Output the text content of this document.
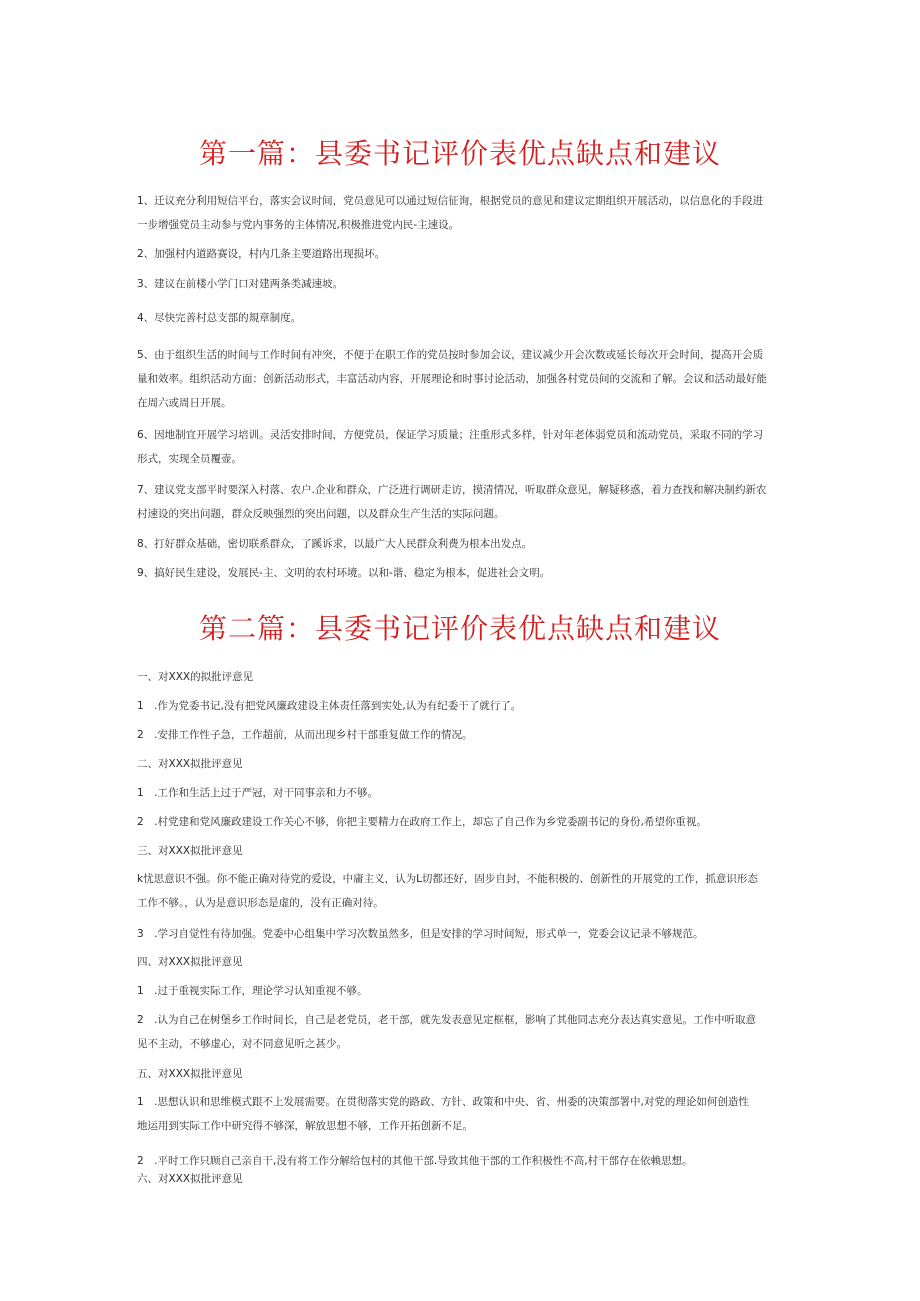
第一篇：县委书记评价表优点缺点和建议
1、迁议充分利用短信平台，落实会议时间，党员意见可以通过短信征询，根据党员的意见和建议定期组织开展活动，以信息化的手段进
一步增强党员主动参与党内事务的主体情况,积极推进党内民-主速设。
2、加强村内道路赛设，村内几条主要道路出现损坏。
3、建议在前楼小学门口对建两条类减速坡。
4、尽快完善村总支部的規章制度。
5、由于组织生活的时间与工作时间有冲突，不便于在职工作的党员按时参加会议，建议减少开会次数或延长每次开会时间，提高开会质
量和效率。组织活动方面：创新活动形式，丰富活动内容，开展理论和时事讨论活动，加强各村党员间的交流和了解。会议和活动最好能
在周六或周日开展。
6、因地制宜开展学习培训。灵活安排时间，方便党员，保证学习质量；注重形式多样，针对年老体弱党员和流动党员，采取不同的学习
形式，实现全员覆壶。
7、建议党支部平时要深入村落、农户.企业和群众，广泛进行调研走访，摸清情况，听取群众意见，解疑移惑，着力查找和解决制约新农
村速设的突出问题，群众反映强烈的突出问题，以及群众生产生活的实际问题。
8、打好群众基础，密切联系群众，了蹊诉求，以最广大人民群众利费为根本出发点。
9、搞好民生建设，发展民-主、文明的农村环境。以和-谐、稳定为根本，促进社会文明。
第二篇：县委书记评价表优点缺点和建议
一、对XXX的拟批评意见
1　.作为党委书记,没有把党风廉政建设主体责任落到实处,认为有纪委干了就行了。
2　.安排工作性子急，工作超前，从而出现乡村干部重复做工作的情况。
二、对XXX拟批评意见
1　.工作和生活上过于严冠，对干同事亲和力不够。
2　.村党建和党风廉政建设工作关心不够，你把主要精力在政府工作上，却忘了自己作为乡党委副书记的身份,希望你重视。
三、对XXX拟批评意见
k忧思意识不强。你不能正确对待党的爱设，中庸主义，认为L切都还好，固步自封，不能积极的、创新性的开展党的工作，抓意识形态
工作不够。，认为是意识形态是虚的，没有正确对待。
3　.学习自觉性有待加强。党委中心组集中学习次数虽然多，但是安排的学习时间短，形式单一，党委会议记录不够规范。
四、对XXX拟批评意见
1　.过于重视实际工作，理论学习认知重视不够。
2　.认为自己在树堡乡工作时间长，自己是老党员，老干部，就先发表意见定框框，影响了其他同志充分表达真实意见。工作中听取意
见不主动，不够虚心，对不同意见听之甚少。
五、对XXX拟批评意见
1　.思想认识和思维模式跟不上发展需要。在贯彻落实党的路政、方针、政策和中央、省、州委的决策部署中,对党的理论如何创造性
地运用到实际工作中研究得不够深，解放思想不够，工作开拓创新不足。
2　.平时工作只顾自己亲自干,没有将工作分解给包村的其他干部.导致其他干部的工作积极性不高,村干部存在依赖思想。
六、对XXX拟批评意见
